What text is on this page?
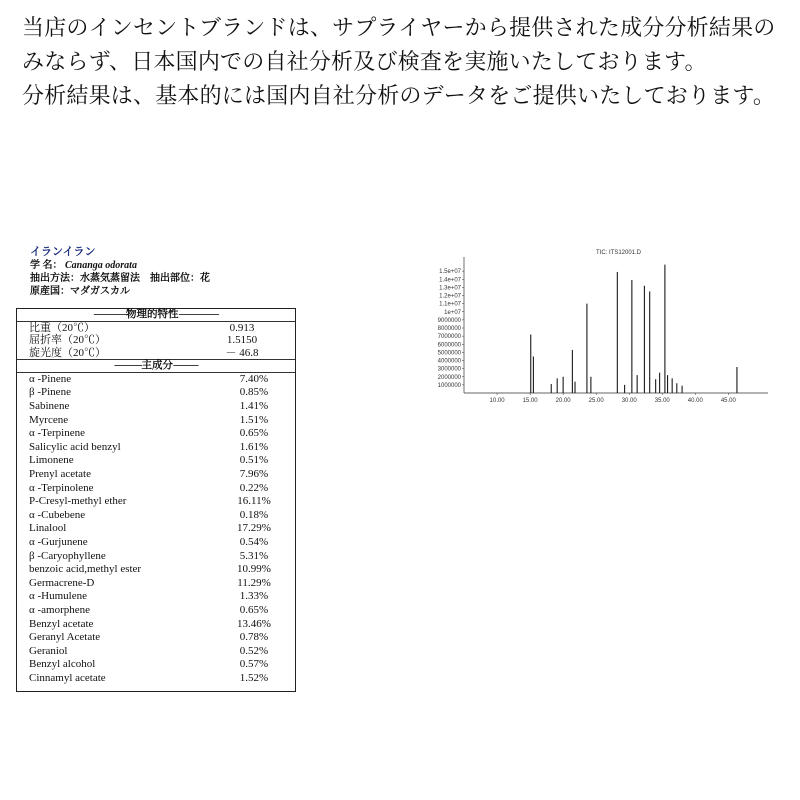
当店のインセントブランドは、サプライヤーから提供された成分分析結果のみならず、日本国内での自社分析及び検査を実施いたしております。

分析結果は、基本的には国内自社分析のデータをご提供いたしております。

イランイラン
学 名： Cananga odorata
抽出方法：水蒸気蒸留法 抽出部位：花
原産国：マダガスカル
-------------物理的特性----------------
比重（20℃）	0.913
屈折率（20℃）	1.5150
旋光度（20℃）	－ 46.8
-----------主成分----------
α -Pinene	7.40%
β -Pinene	0.85%
Sabinene	1.41%
Myrcene	1.51%
α -Terpinene	0.65%
Salicylic acid benzyl	1.61%
Limonene	0.51%
Prenyl acetate	7.96%
α -Terpinolene	0.22%
P-Cresyl-methyl ether	16.11%
α -Cubebene	0.18%
Linalool	17.29%
α -Gurjunene	0.54%
β -Caryophyllene	5.31%
benzoic acid,methyl ester	10.99%
Germacrene-D	11.29%
α -Humulene	1.33%
α -amorphene	0.65%
Benzyl acetate	13.46%
Geranyl Acetate	0.78%
Geraniol	0.52%
Benzyl alcohol	0.57%
Cinnamyl acetate	1.52%
TIC: ITS12001.D
1.5e+07
1.4e+07
1.3e+07
1.2e+07
1.1e+07
1e+07
9000000
8000000
7000000
6000000
5000000
4000000
3000000
2000000
1000000
10.00	15.00	20.00	25.00	30.00	35.00	40.00	45.00
